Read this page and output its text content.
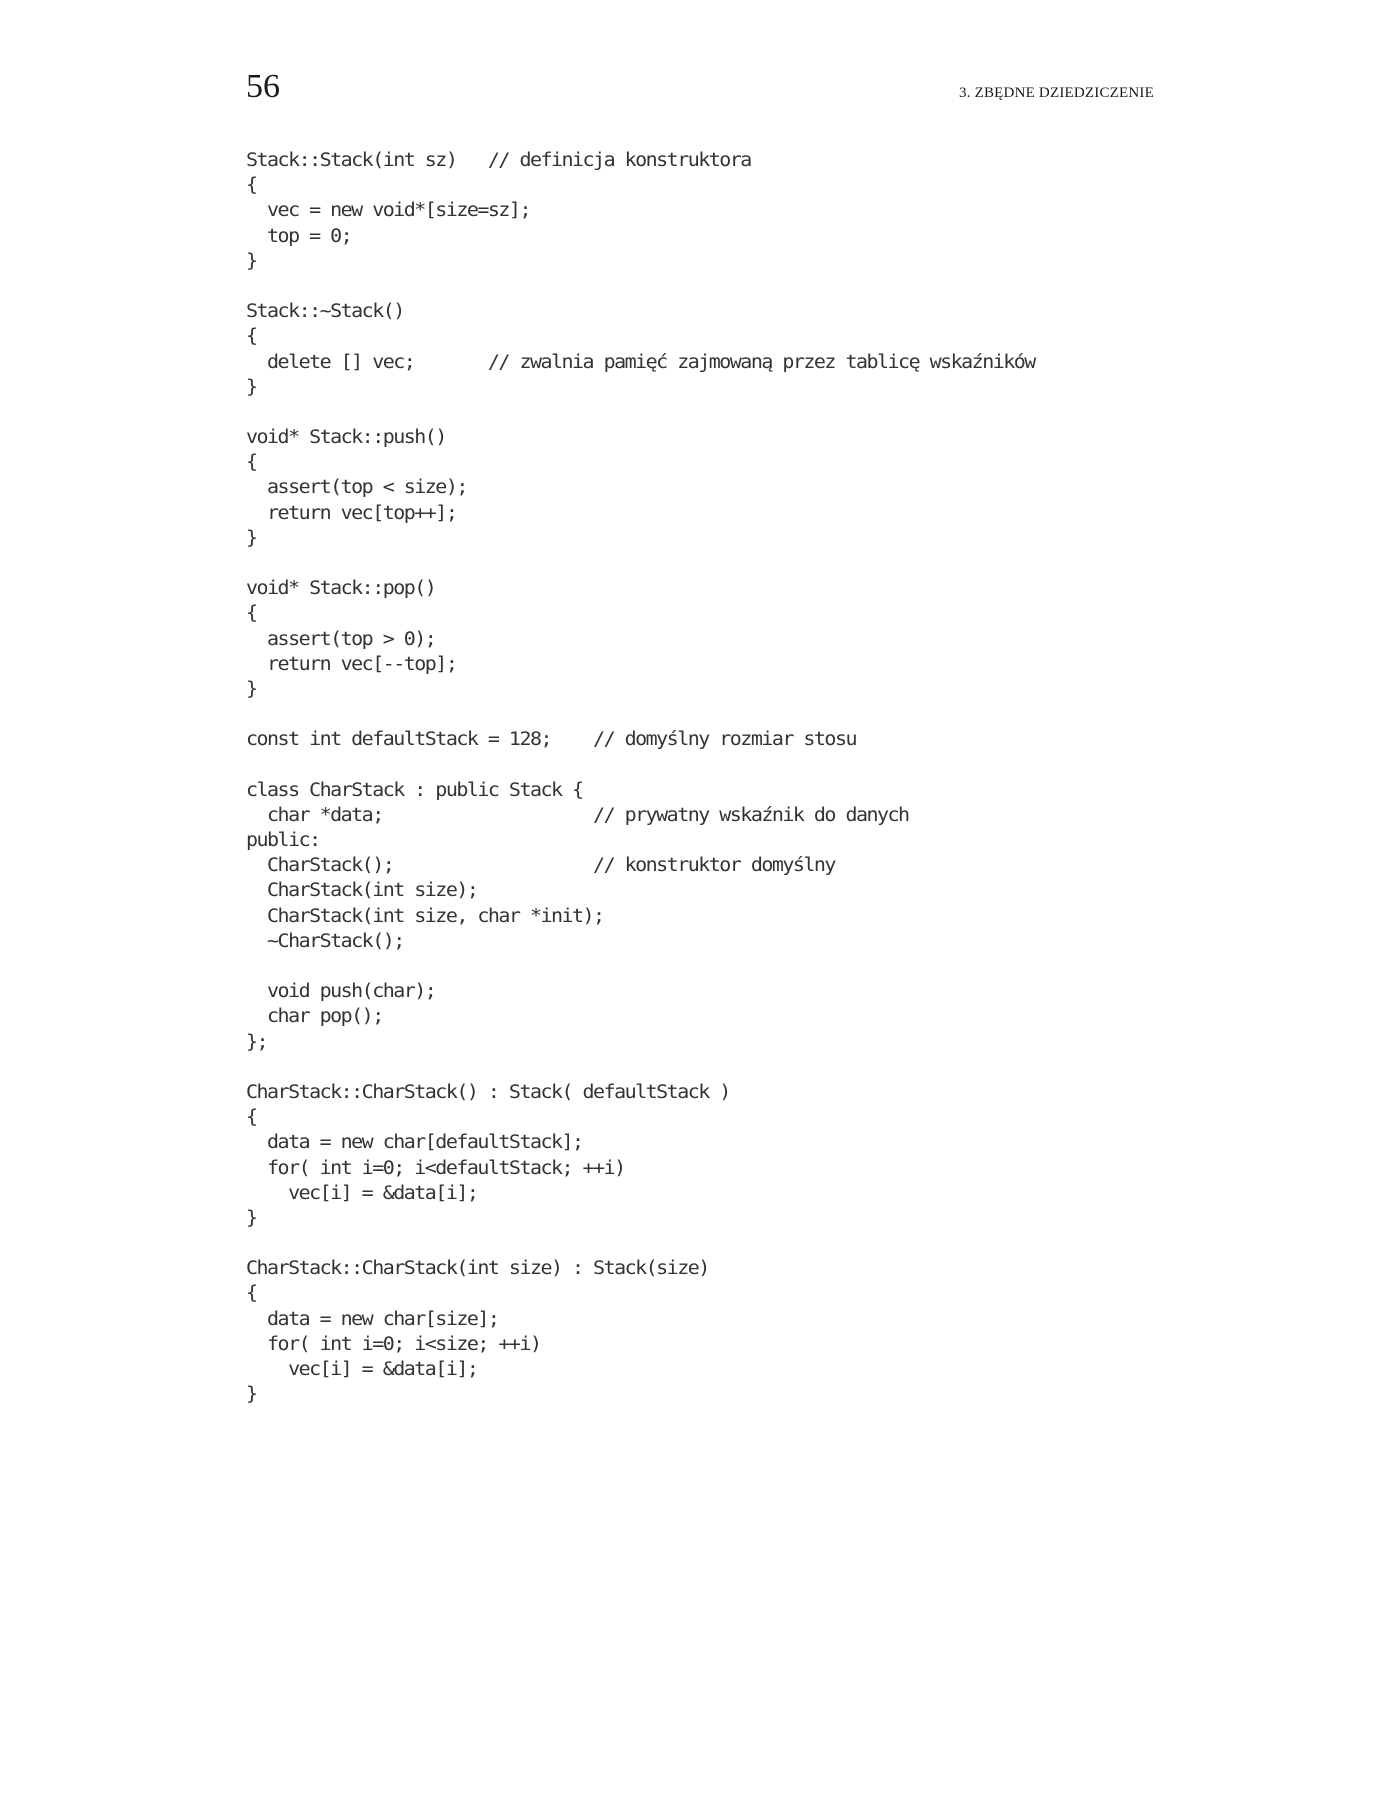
56	3. ZBĘDNE DZIEDZICZENIE
Stack::Stack(int sz)   // definicja konstruktora
{
vec = new void*[size=sz];
top = 0;
}
Stack::~Stack()
{
delete [] vec;       // zwalnia pamięć zajmowaną przez tablicę wskaźników
}
void* Stack::push()
{
assert(top < size);
return vec[top++];
}
void* Stack::pop()
{
assert(top > 0);
return vec[--top];
}
const int defaultStack = 128;    // domyślny rozmiar stosu
class CharStack : public Stack {
char *data;                    // prywatny wskaźnik do danych
public:
CharStack();                   // konstruktor domyślny
CharStack(int size);
CharStack(int size, char *init);
~CharStack();
void push(char);
char pop();
};
CharStack::CharStack() : Stack( defaultStack )
{
data = new char[defaultStack];
for( int i=0; i<defaultStack; ++i)
vec[i] = &data[i];
}
CharStack::CharStack(int size) : Stack(size)
{
data = new char[size];
for( int i=0; i<size; ++i)
vec[i] = &data[i];
}
